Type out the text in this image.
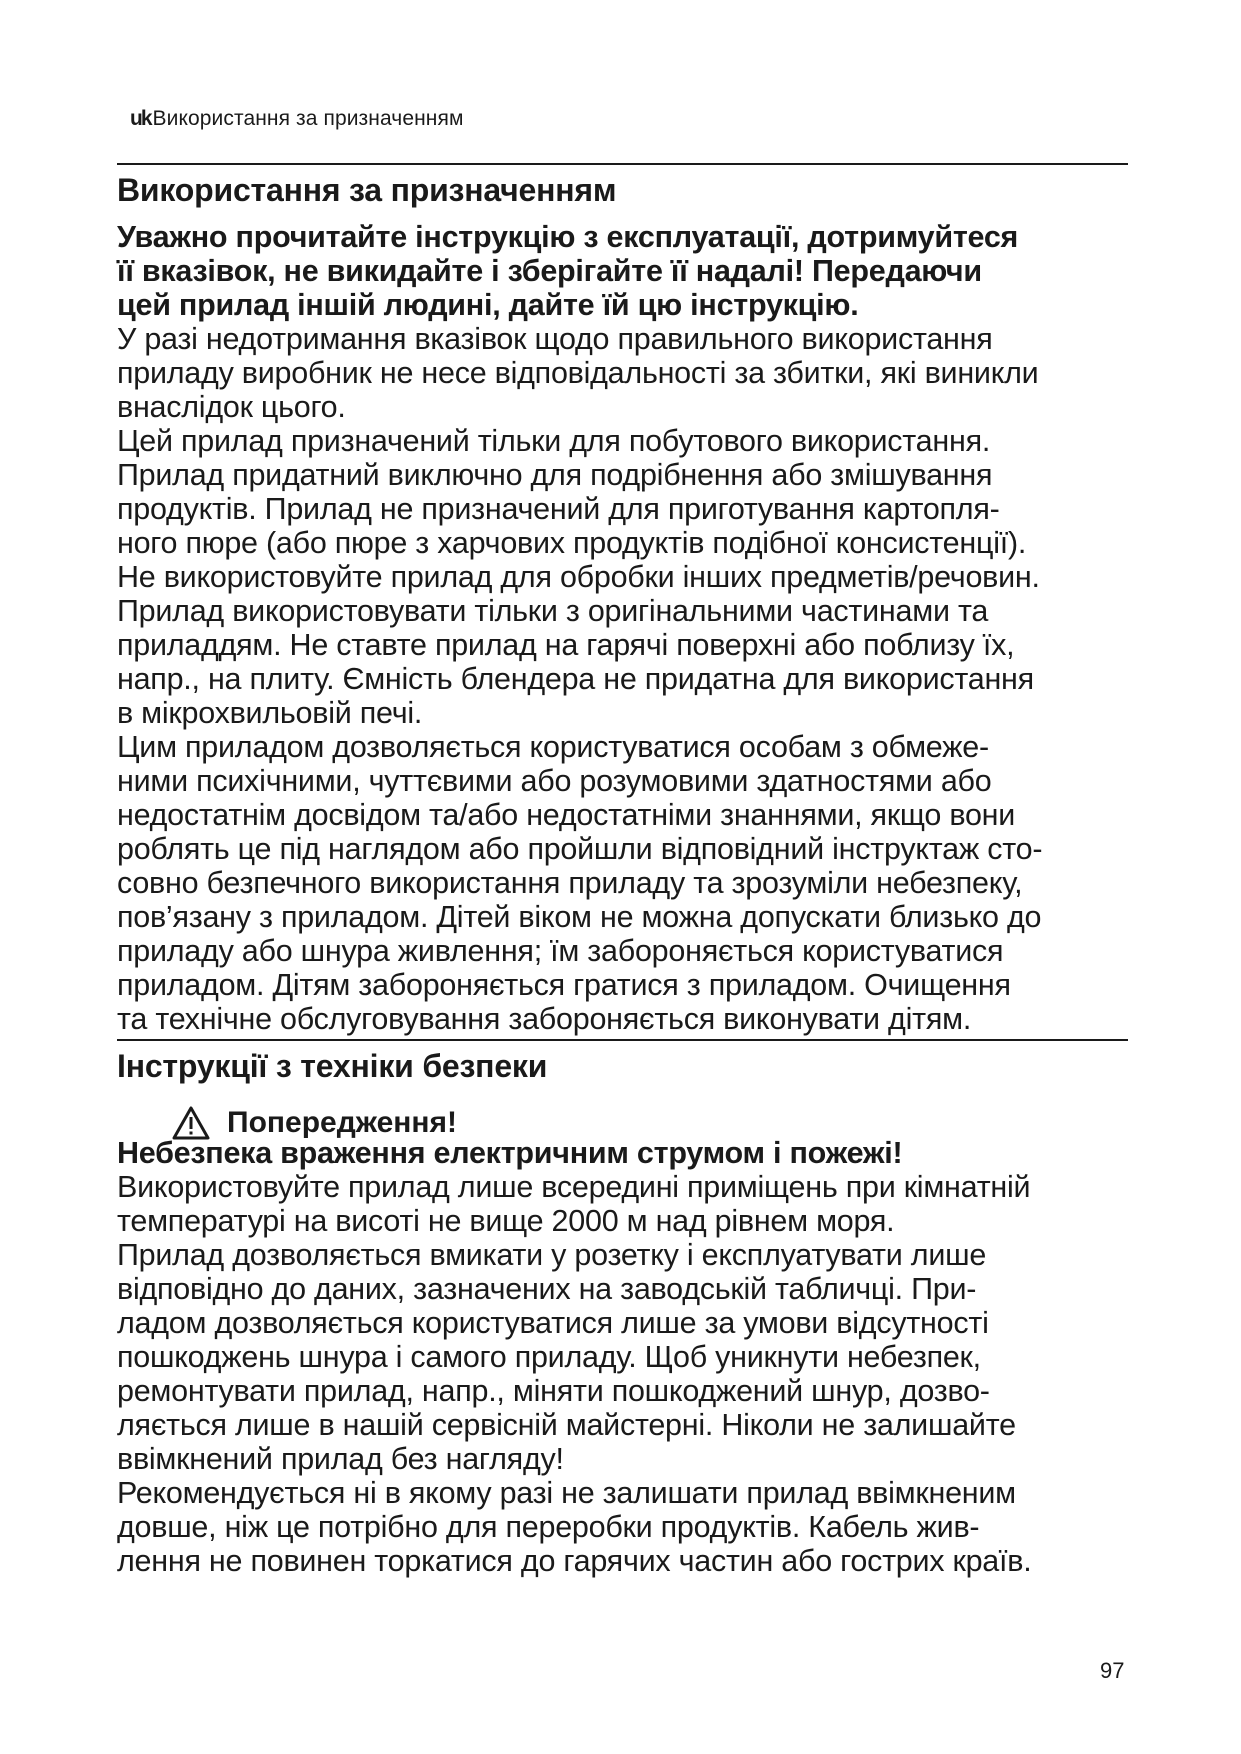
ukВикористання за призначенням
Використання за призначенням
Уважно прочитайте інструкцію з експлуатації, дотримуйтеся
її вказівок, не викидайте і зберігайте її надалі! Передаючи
цей прилад іншій людині, дайте їй цю інструкцію.
У разі недотримання вказівок щодо правильного використання
приладу виробник не несе відповідальності за збитки, які виникли
внаслідок цього.
Цей прилад призначений тільки для побутового використання.
Прилад придатний виключно для подрібнення або змішування
продуктів. Прилад не призначений для приготування картопля-
ного пюре (або пюре з харчових продуктів подібної консистенції).
Не використовуйте прилад для обробки інших предметів/речовин.
Прилад використовувати тільки з оригінальними частинами та
приладдям. Не ставте прилад на гарячі поверхні або поблизу їх,
напр., на плиту. Ємність блендера не придатна для використання
в мікрохвильовій печі.
Цим приладом дозволяється користуватися особам з обмеже-
ними психічними, чуттєвими або розумовими здатностями або
недостатнім досвідом та/або недостатніми знаннями, якщо вони
роблять це під наглядом або пройшли відповідний інструктаж сто-
совно безпечного використання приладу та зрозуміли небезпеку,
пов’язану з приладом. Дітей віком не можна допускати близько до
приладу або шнура живлення; їм забороняється користуватися
приладом. Дітям забороняється гратися з приладом. Очищення
та технічне обслуговування забороняється виконувати дітям.
Інструкції з техніки безпеки
Попередження!
Небезпека враження електричним струмом і пожежі!
Використовуйте прилад лише всередині приміщень при кімнатній
температурі на висоті не вище 2000 м над рівнем моря.
Прилад дозволяється вмикати у розетку і експлуатувати лише
відповідно до даних, зазначених на заводській табличці. При-
ладом дозволяється користуватися лише за умови відсутності
пошкоджень шнура і самого приладу. Щоб уникнути небезпек,
ремонтувати прилад, напр., міняти пошкоджений шнур, дозво-
ляється лише в нашій сервісній майстерні. Ніколи не залишайте
ввімкнений прилад без нагляду!
Рекомендується ні в якому разі не залишати прилад ввімкненим
довше, ніж це потрібно для переробки продуктів. Кабель жив-
лення не повинен торкатися до гарячих частин або гострих країв.
97
